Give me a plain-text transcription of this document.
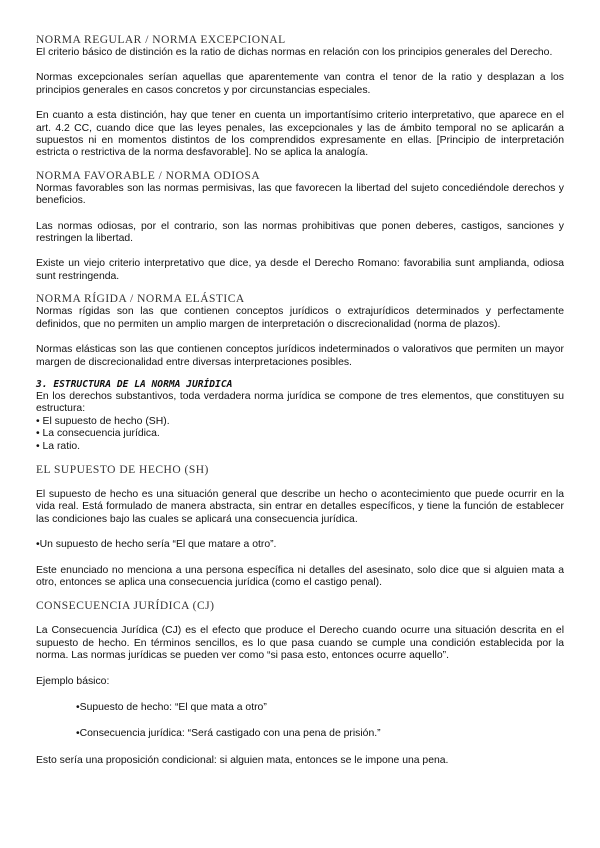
NORMA REGULAR / NORMA EXCEPCIONAL

El criterio básico de distinción es la ratio de dichas normas en relación con los principios generales del Derecho.

Normas excepcionales serían aquellas que aparentemente van contra el tenor de la ratio y desplazan a los principios generales en casos concretos y por circunstancias especiales.

En cuanto a esta distinción, hay que tener en cuenta un importantísimo criterio interpretativo, que aparece en el art. 4.2 CC, cuando dice que las leyes penales, las excepcionales y las de ámbito temporal no se aplicarán a supuestos ni en momentos distintos de los comprendidos expresamente en ellas. [Principio de interpretación estricta o restrictiva de la norma desfavorable]. No se aplica la analogía.

NORMA FAVORABLE / NORMA ODIOSA

Normas favorables son las normas permisivas, las que favorecen la libertad del sujeto concediéndole derechos y beneficios.

Las normas odiosas, por el contrario, son las normas prohibitivas que ponen deberes, castigos, sanciones y restringen la libertad.

Existe un viejo criterio interpretativo que dice, ya desde el Derecho Romano: favorabilia sunt amplianda, odiosa sunt restringenda.

NORMA RÍGIDA / NORMA ELÁSTICA

Normas rígidas son las que contienen conceptos jurídicos o extrajurídicos determinados y perfectamente definidos, que no permiten un amplio margen de interpretación o discrecionalidad (norma de plazos).

Normas elásticas son las que contienen conceptos jurídicos indeterminados o valorativos que permiten un mayor margen de discrecionalidad entre diversas interpretaciones posibles.

3. ESTRUCTURA DE LA NORMA JURÍDICA

En los derechos substantivos, toda verdadera norma jurídica se compone de tres elementos, que constituyen su estructura:

• El supuesto de hecho (SH).

• La consecuencia jurídica.

• La ratio.

EL SUPUESTO DE HECHO (SH)

El supuesto de hecho es una situación general que describe un hecho o acontecimiento que puede ocurrir en la vida real. Está formulado de manera abstracta, sin entrar en detalles específicos, y tiene la función de establecer las condiciones bajo las cuales se aplicará una consecuencia jurídica.

•Un supuesto de hecho sería “El que matare a otro”.

Este enunciado no menciona a una persona específica ni detalles del asesinato, solo dice que si alguien mata a otro, entonces se aplica una consecuencia jurídica (como el castigo penal).

CONSECUENCIA JURÍDICA (CJ)

La Consecuencia Jurídica (CJ) es el efecto que produce el Derecho cuando ocurre una situación descrita en el supuesto de hecho. En términos sencillos, es lo que pasa cuando se cumple una condición establecida por la norma. Las normas jurídicas se pueden ver como “si pasa esto, entonces ocurre aquello”.

Ejemplo básico:

•Supuesto de hecho: “El que mata a otro”

•Consecuencia jurídica: “Será castigado con una pena de prisión.”

Esto sería una proposición condicional: si alguien mata, entonces se le impone una pena.
